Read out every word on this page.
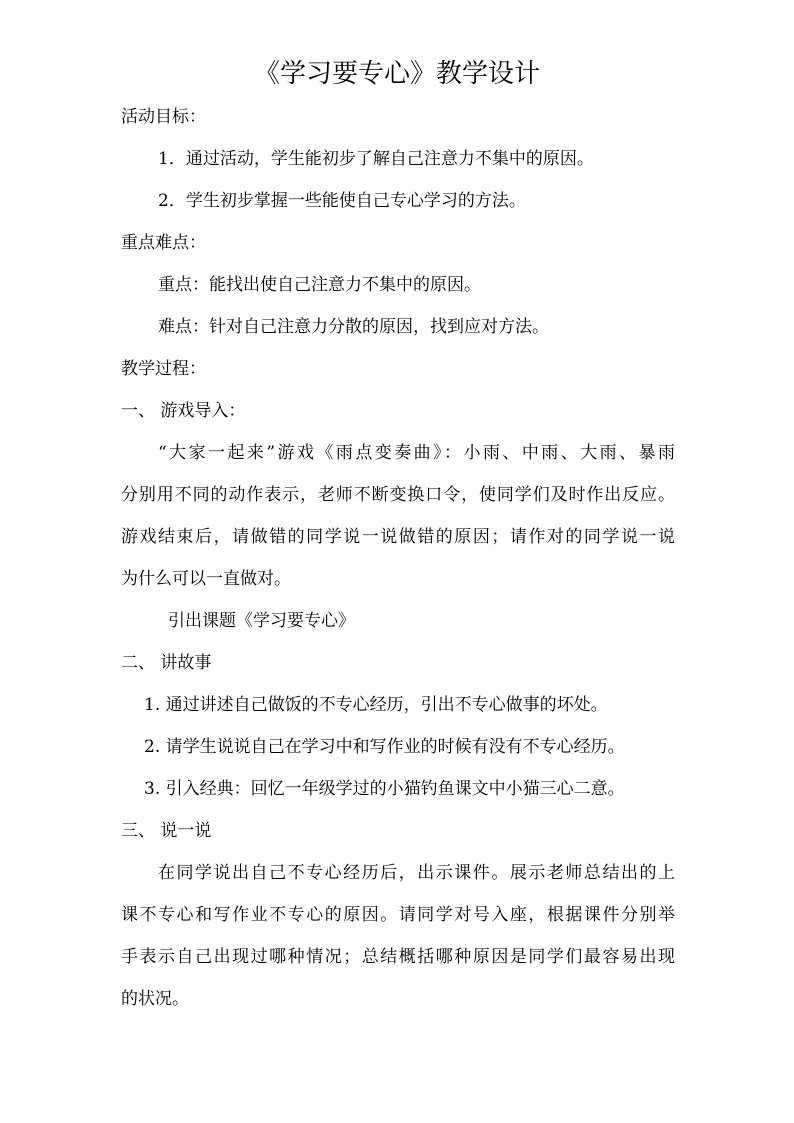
《学习要专心》教学设计
活动目标：
1．通过活动，学生能初步了解自己注意力不集中的原因。
2．学生初步掌握一些能使自己专心学习的方法。
重点难点：
重点：能找出使自己注意力不集中的原因。
难点：针对自己注意力分散的原因，找到应对方法。
教学过程：
一、 游戏导入：
“大家一起来”游戏《雨点变奏曲》：小雨、中雨、大雨、暴雨
分别用不同的动作表示，老师不断变换口令，使同学们及时作出反应。
游戏结束后，请做错的同学说一说做错的原因；请作对的同学说一说
为什么可以一直做对。
引出课题《学习要专心》
二、 讲故事
1. 通过讲述自己做饭的不专心经历，引出不专心做事的坏处。
2. 请学生说说自己在学习中和写作业的时候有没有不专心经历。
3. 引入经典：回忆一年级学过的小猫钓鱼课文中小猫三心二意。
三、 说一说
在同学说出自己不专心经历后，出示课件。展示老师总结出的上
课不专心和写作业不专心的原因。请同学对号入座，根据课件分别举
手表示自己出现过哪种情况；总结概括哪种原因是同学们最容易出现
的状况。
